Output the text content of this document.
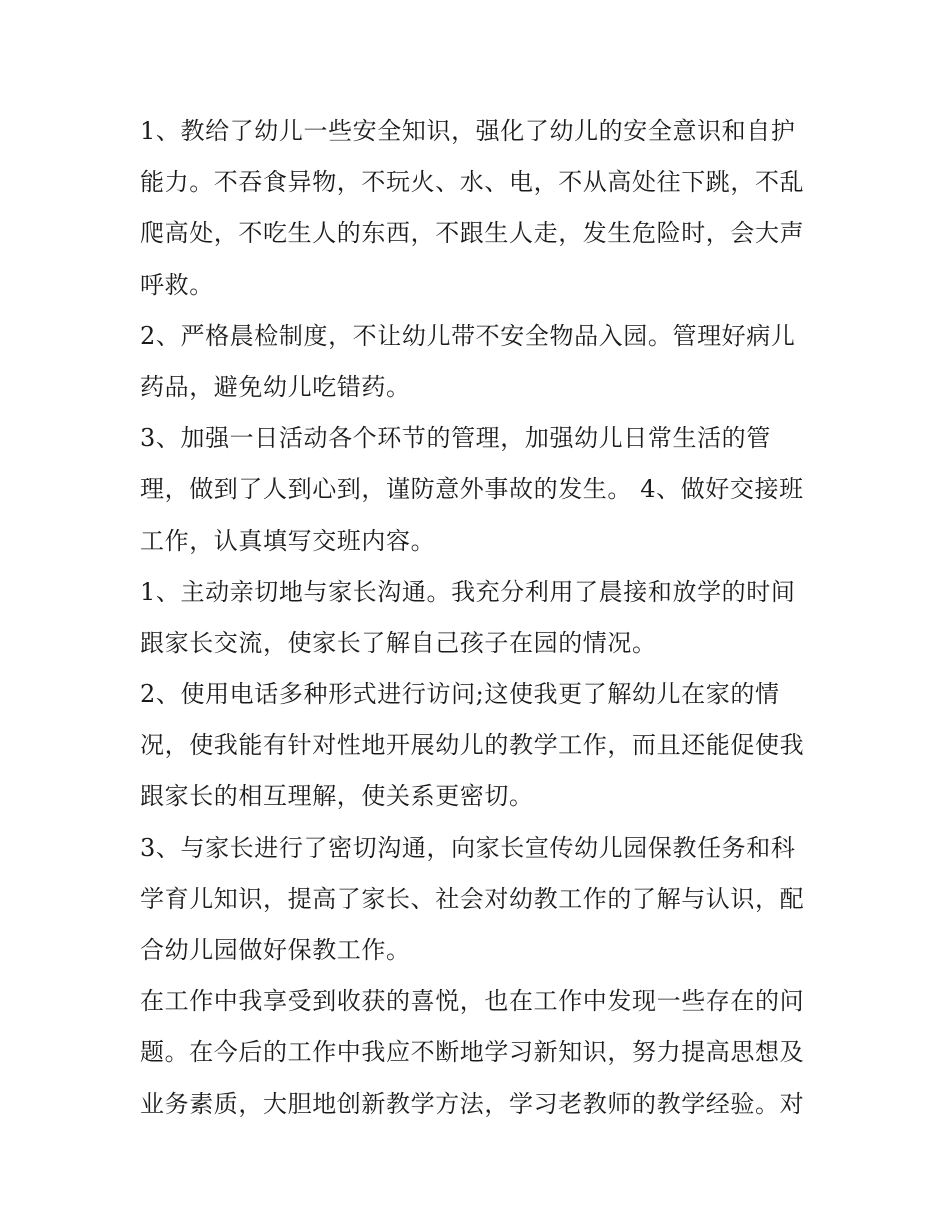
1、教给了幼儿一些安全知识，强化了幼儿的安全意识和自护
能力。不吞食异物，不玩火、水、电，不从高处往下跳，不乱
爬高处，不吃生人的东西，不跟生人走，发生危险时，会大声
呼救。
2、严格晨检制度，不让幼儿带不安全物品入园。管理好病儿
药品，避免幼儿吃错药。
3、加强一日活动各个环节的管理，加强幼儿日常生活的管
理，做到了人到心到，谨防意外事故的发生。 4、做好交接班
工作，认真填写交班内容。
1、主动亲切地与家长沟通。我充分利用了晨接和放学的时间
跟家长交流，使家长了解自己孩子在园的情况。
2、使用电话多种形式进行访问;这使我更了解幼儿在家的情
况，使我能有针对性地开展幼儿的教学工作，而且还能促使我
跟家长的相互理解，使关系更密切。
3、与家长进行了密切沟通，向家长宣传幼儿园保教任务和科
学育儿知识，提高了家长、社会对幼教工作的了解与认识，配
合幼儿园做好保教工作。
在工作中我享受到收获的喜悦，也在工作中发现一些存在的问
题。在今后的工作中我应不断地学习新知识，努力提高思想及
业务素质，大胆地创新教学方法，学习老教师的教学经验。对
